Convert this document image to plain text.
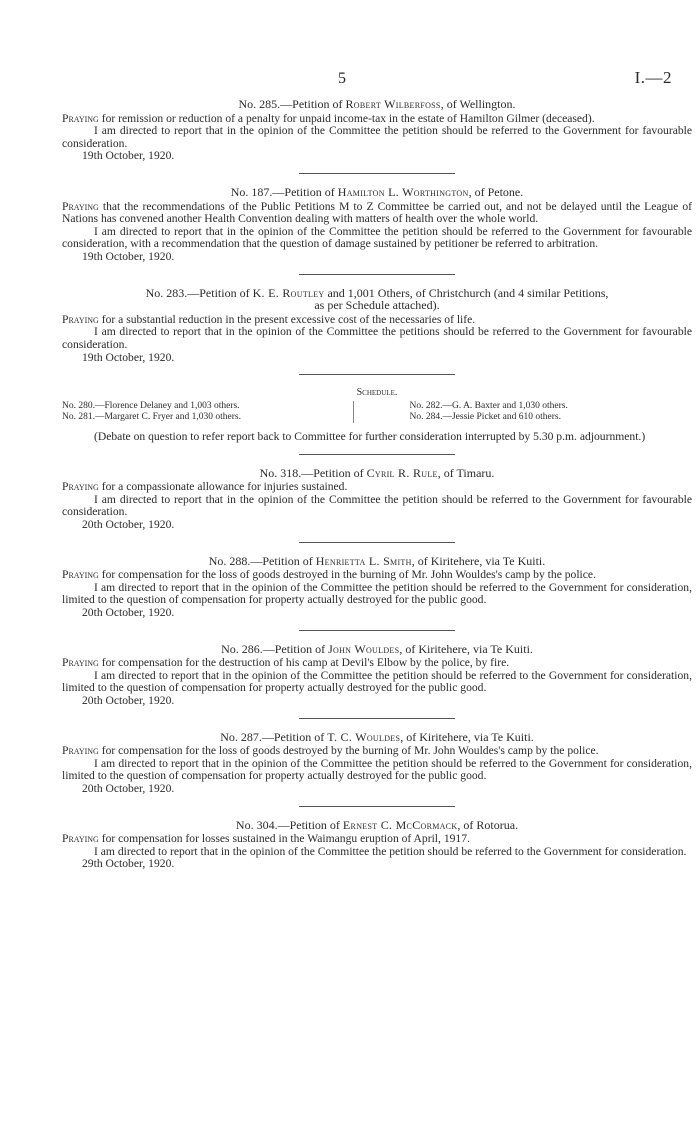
5	I.—2

No. 285.—Petition of Robert Wilberfoss, of Wellington.

Praying for remission or reduction of a penalty for unpaid income-tax in the estate of Hamilton Gilmer (deceased).

I am directed to report that in the opinion of the Committee the petition should be referred to the Government for favourable consideration.

19th October, 1920.

No. 187.—Petition of Hamilton L. Worthington, of Petone.

Praying that the recommendations of the Public Petitions M to Z Committee be carried out, and not be delayed until the League of Nations has convened another Health Convention dealing with matters of health over the whole world.

I am directed to report that in the opinion of the Committee the petition should be referred to the Government for favourable consideration, with a recommendation that the question of damage sustained by petitioner be referred to arbitration.

19th October, 1920.

No. 283.—Petition of K. E. Routley and 1,001 Others, of Christchurch (and 4 similar Petitions,
as per Schedule attached).

Praying for a substantial reduction in the present excessive cost of the necessaries of life.

I am directed to report that in the opinion of the Committee the petitions should be referred to the Government for favourable consideration.

19th October, 1920.

Schedule.
No. 280.—Florence Delaney and 1,003 others.
No. 281.—Margaret C. Fryer and 1,030 others.
No. 282.—G. A. Baxter and 1,030 others.
No. 284.—Jessie Picket and 610 others.

(Debate on question to refer report back to Committee for further consideration interrupted by 5.30 p.m. adjournment.)

No. 318.—Petition of Cyril R. Rule, of Timaru.

Praying for a compassionate allowance for injuries sustained.

I am directed to report that in the opinion of the Committee the petition should be referred to the Government for favourable consideration.

20th October, 1920.

No. 288.—Petition of Henrietta L. Smith, of Kiritehere, via Te Kuiti.

Praying for compensation for the loss of goods destroyed in the burning of Mr. John Wouldes's camp by the police.

I am directed to report that in the opinion of the Committee the petition should be referred to the Government for consideration, limited to the question of compensation for property actually destroyed for the public good.

20th October, 1920.

No. 286.—Petition of John Wouldes, of Kiritehere, via Te Kuiti.

Praying for compensation for the destruction of his camp at Devil's Elbow by the police, by fire.

I am directed to report that in the opinion of the Committee the petition should be referred to the Government for consideration, limited to the question of compensation for property actually destroyed for the public good.

20th October, 1920.

No. 287.—Petition of T. C. Wouldes, of Kiritehere, via Te Kuiti.

Praying for compensation for the loss of goods destroyed by the burning of Mr. John Wouldes's camp by the police.

I am directed to report that in the opinion of the Committee the petition should be referred to the Government for consideration, limited to the question of compensation for property actually destroyed for the public good.

20th October, 1920.

No. 304.—Petition of Ernest C. McCormack, of Rotorua.

Praying for compensation for losses sustained in the Waimangu eruption of April, 1917.

I am directed to report that in the opinion of the Committee the petition should be referred to the Government for consideration.

29th October, 1920.
